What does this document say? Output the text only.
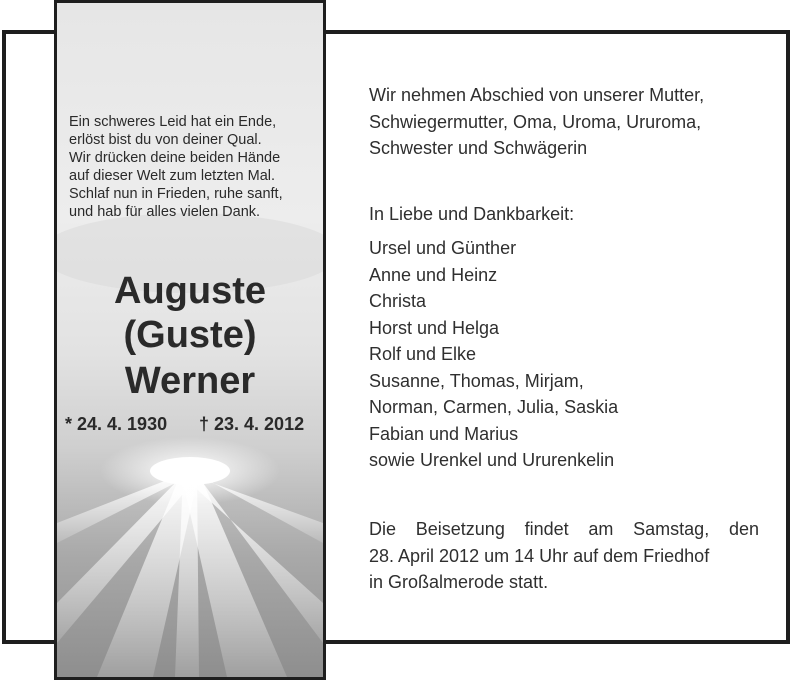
Ein schweres Leid hat ein Ende,
erlöst bist du von deiner Qual.
Wir drücken deine beiden Hände
auf dieser Welt zum letzten Mal.
Schlaf nun in Frieden, ruhe sanft,
und hab für alles vielen Dank.
Auguste
(Guste)
Werner
* 24. 4. 1930 † 23. 4. 2012
Wir nehmen Abschied von unserer Mutter,
Schwiegermutter, Oma, Uroma, Ururoma,
Schwester und Schwägerin
In Liebe und Dankbarkeit:
Ursel und Günther
Anne und Heinz
Christa
Horst und Helga
Rolf und Elke
Susanne, Thomas, Mirjam,
Norman, Carmen, Julia, Saskia
Fabian und Marius
sowie Urenkel und Ururenkelin
Die Beisetzung findet am Samstag, den
28. April 2012 um 14 Uhr auf dem Friedhof
in Großalmerode statt.
